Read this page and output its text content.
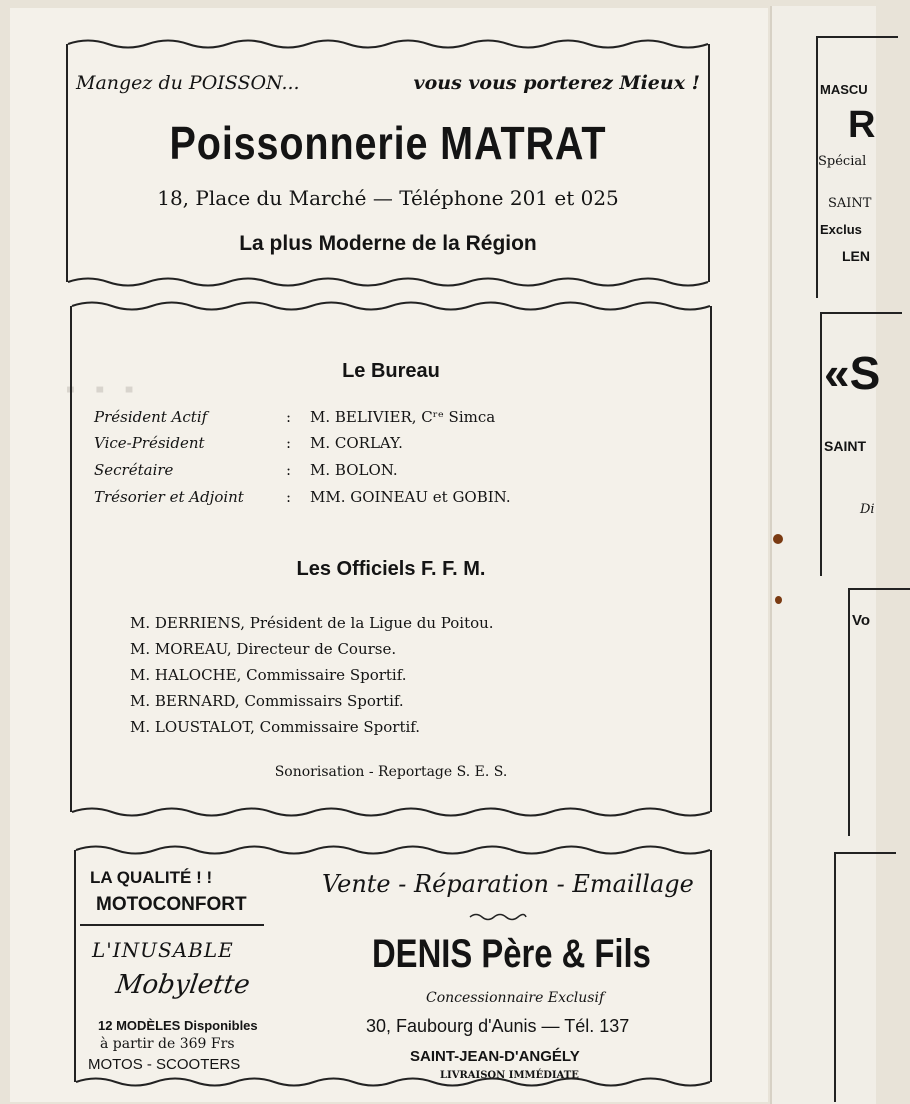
MASCU
R
Spécial
SAINT
Exclus
LEN
«S
SAINT
Di
Vo
· · ·
Mangez du POISSON...	vous vous porterez Mieux !
Poissonnerie MATRAT
18, Place du Marché — Téléphone 201 et 025
La plus Moderne de la Région
Le Bureau
Président Actif	: M. BELIVIER, Cʳᵉ Simca
Vice-Président	: M. CORLAY.
Secrétaire	: M. BOLON.
Trésorier et Adjoint	: MM. GOINEAU et GOBIN.
Les Officiels F. F. M.
M. DERRIENS, Président de la Ligue du Poitou.
M. MOREAU, Directeur de Course.
M. HALOCHE, Commissaire Sportif.
M. BERNARD, Commissairs Sportif.
M. LOUSTALOT, Commissaire Sportif.
Sonorisation - Reportage S. E. S.
LA QUALITÉ ! !
MOTOCONFORT
L'INUSABLE
Mobylette
12 MODÈLES Disponibles
à partir de 369 Frs
MOTOS - SCOOTERS
Vente - Réparation - Emaillage
DENIS Père & Fils
Concessionnaire Exclusif
30, Faubourg d'Aunis — Tél. 137
SAINT-JEAN-D'ANGÉLY
LIVRAISON IMMÉDIATE
